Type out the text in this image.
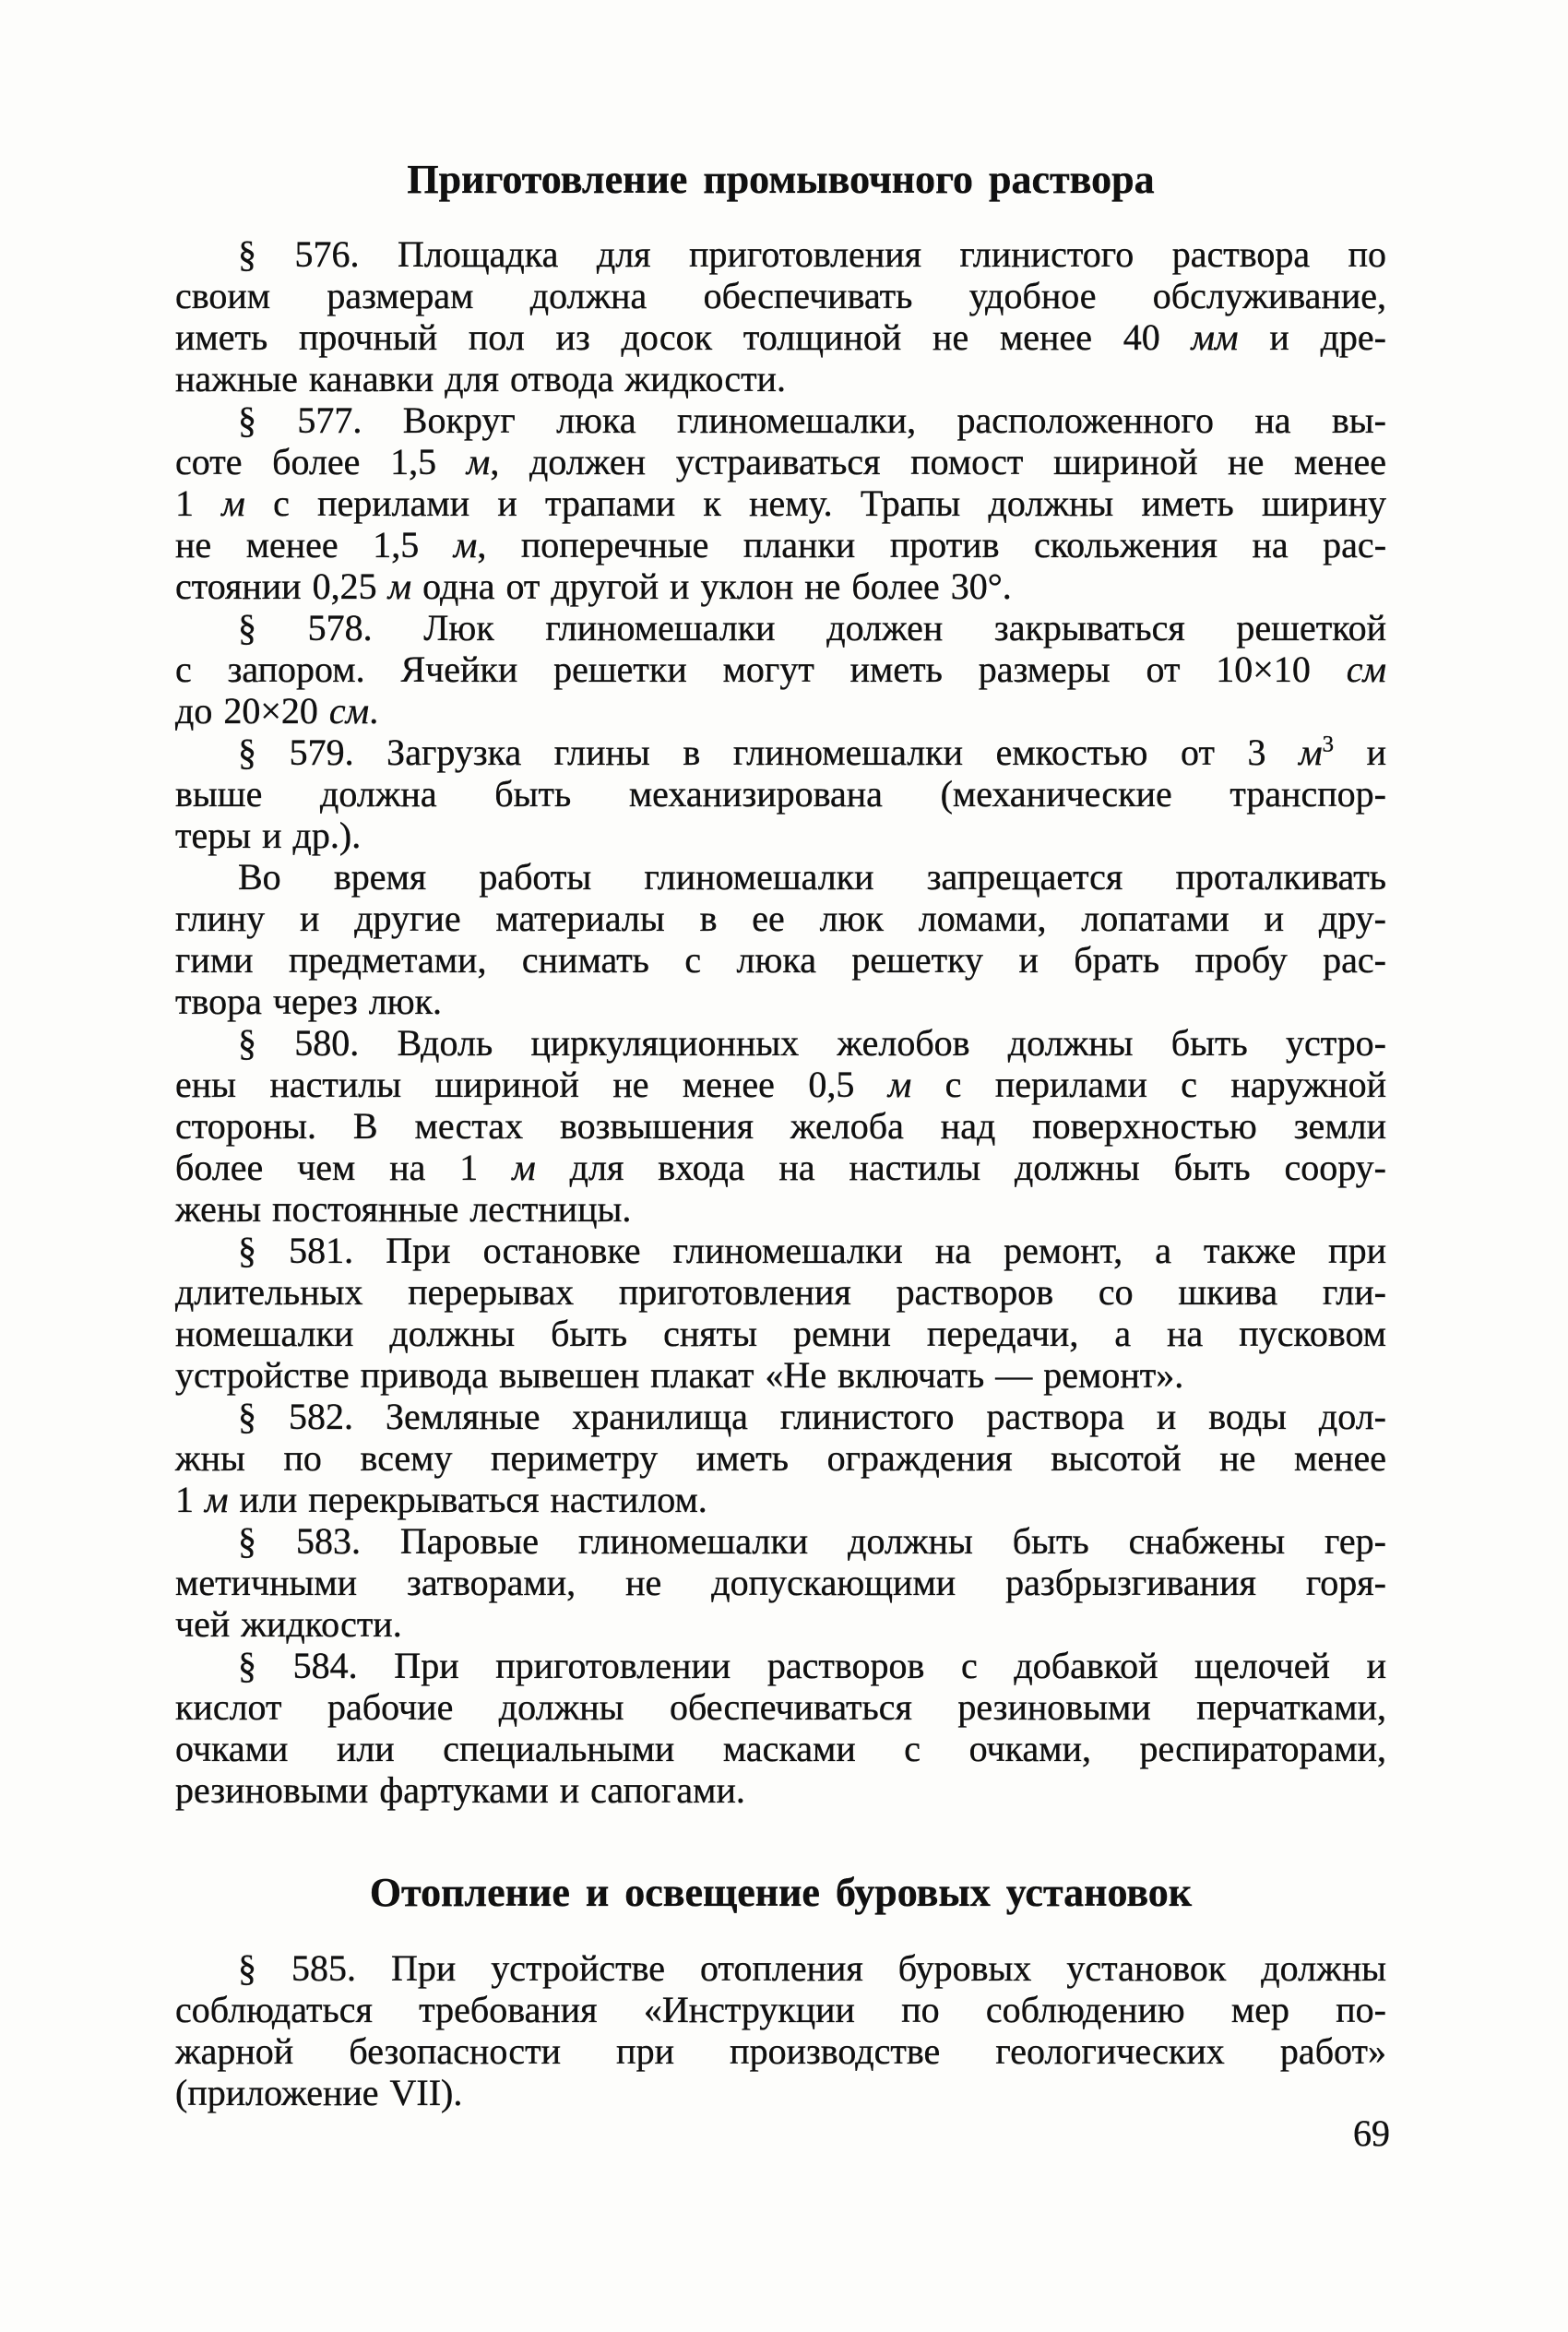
Приготовление промывочного раствора
§ 576. Площадка для приготовления глинистого раствора по
своим размерам должна обеспечивать удобное обслуживание,
иметь прочный пол из досок толщиной не менее 40 мм и дре-
нажные канавки для отвода жидкости.
§ 577. Вокруг люка глиномешалки, расположенного на вы-
соте более 1,5 м, должен устраиваться помост шириной не менее
1 м с перилами и трапами к нему. Трапы должны иметь ширину
не менее 1,5 м, поперечные планки против скольжения на рас-
стоянии 0,25 м одна от другой и уклон не более 30°.
§ 578. Люк глиномешалки должен закрываться решеткой
с запором. Ячейки решетки могут иметь размеры от 10×10 см
до 20×20 см.
§ 579. Загрузка глины в глиномешалки емкостью от 3 $м^3$ и
выше должна быть механизирована (механические транспор-
теры и др.).
Во время работы глиномешалки запрещается проталкивать
глину и другие материалы в ее люк ломами, лопатами и дру-
гими предметами, снимать с люка решетку и брать пробу рас-
твора через люк.
§ 580. Вдоль циркуляционных желобов должны быть устро-
ены настилы шириной не менее 0,5 м с перилами с наружной
стороны. В местах возвышения желоба над поверхностью земли
более чем на 1 м для входа на настилы должны быть соору-
жены постоянные лестницы.
§ 581. При остановке глиномешалки на ремонт, а также при
длительных перерывах приготовления растворов со шкива гли-
номешалки должны быть сняты ремни передачи, а на пусковом
устройстве привода вывешен плакат «Не включать — ремонт».
§ 582. Земляные хранилища глинистого раствора и воды дол-
жны по всему периметру иметь ограждения высотой не менее
1 м или перекрываться настилом.
§ 583. Паровые глиномешалки должны быть снабжены гер-
метичными затворами, не допускающими разбрызгивания горя-
чей жидкости.
§ 584. При приготовлении растворов с добавкой щелочей и
кислот рабочие должны обеспечиваться резиновыми перчатками,
очками или специальными масками с очками, респираторами,
резиновыми фартуками и сапогами.
Отопление и освещение буровых установок
§ 585. При устройстве отопления буровых установок должны
соблюдаться требования «Инструкции по соблюдению мер по-
жарной безопасности при производстве геологических работ»
(приложение VII).
69
